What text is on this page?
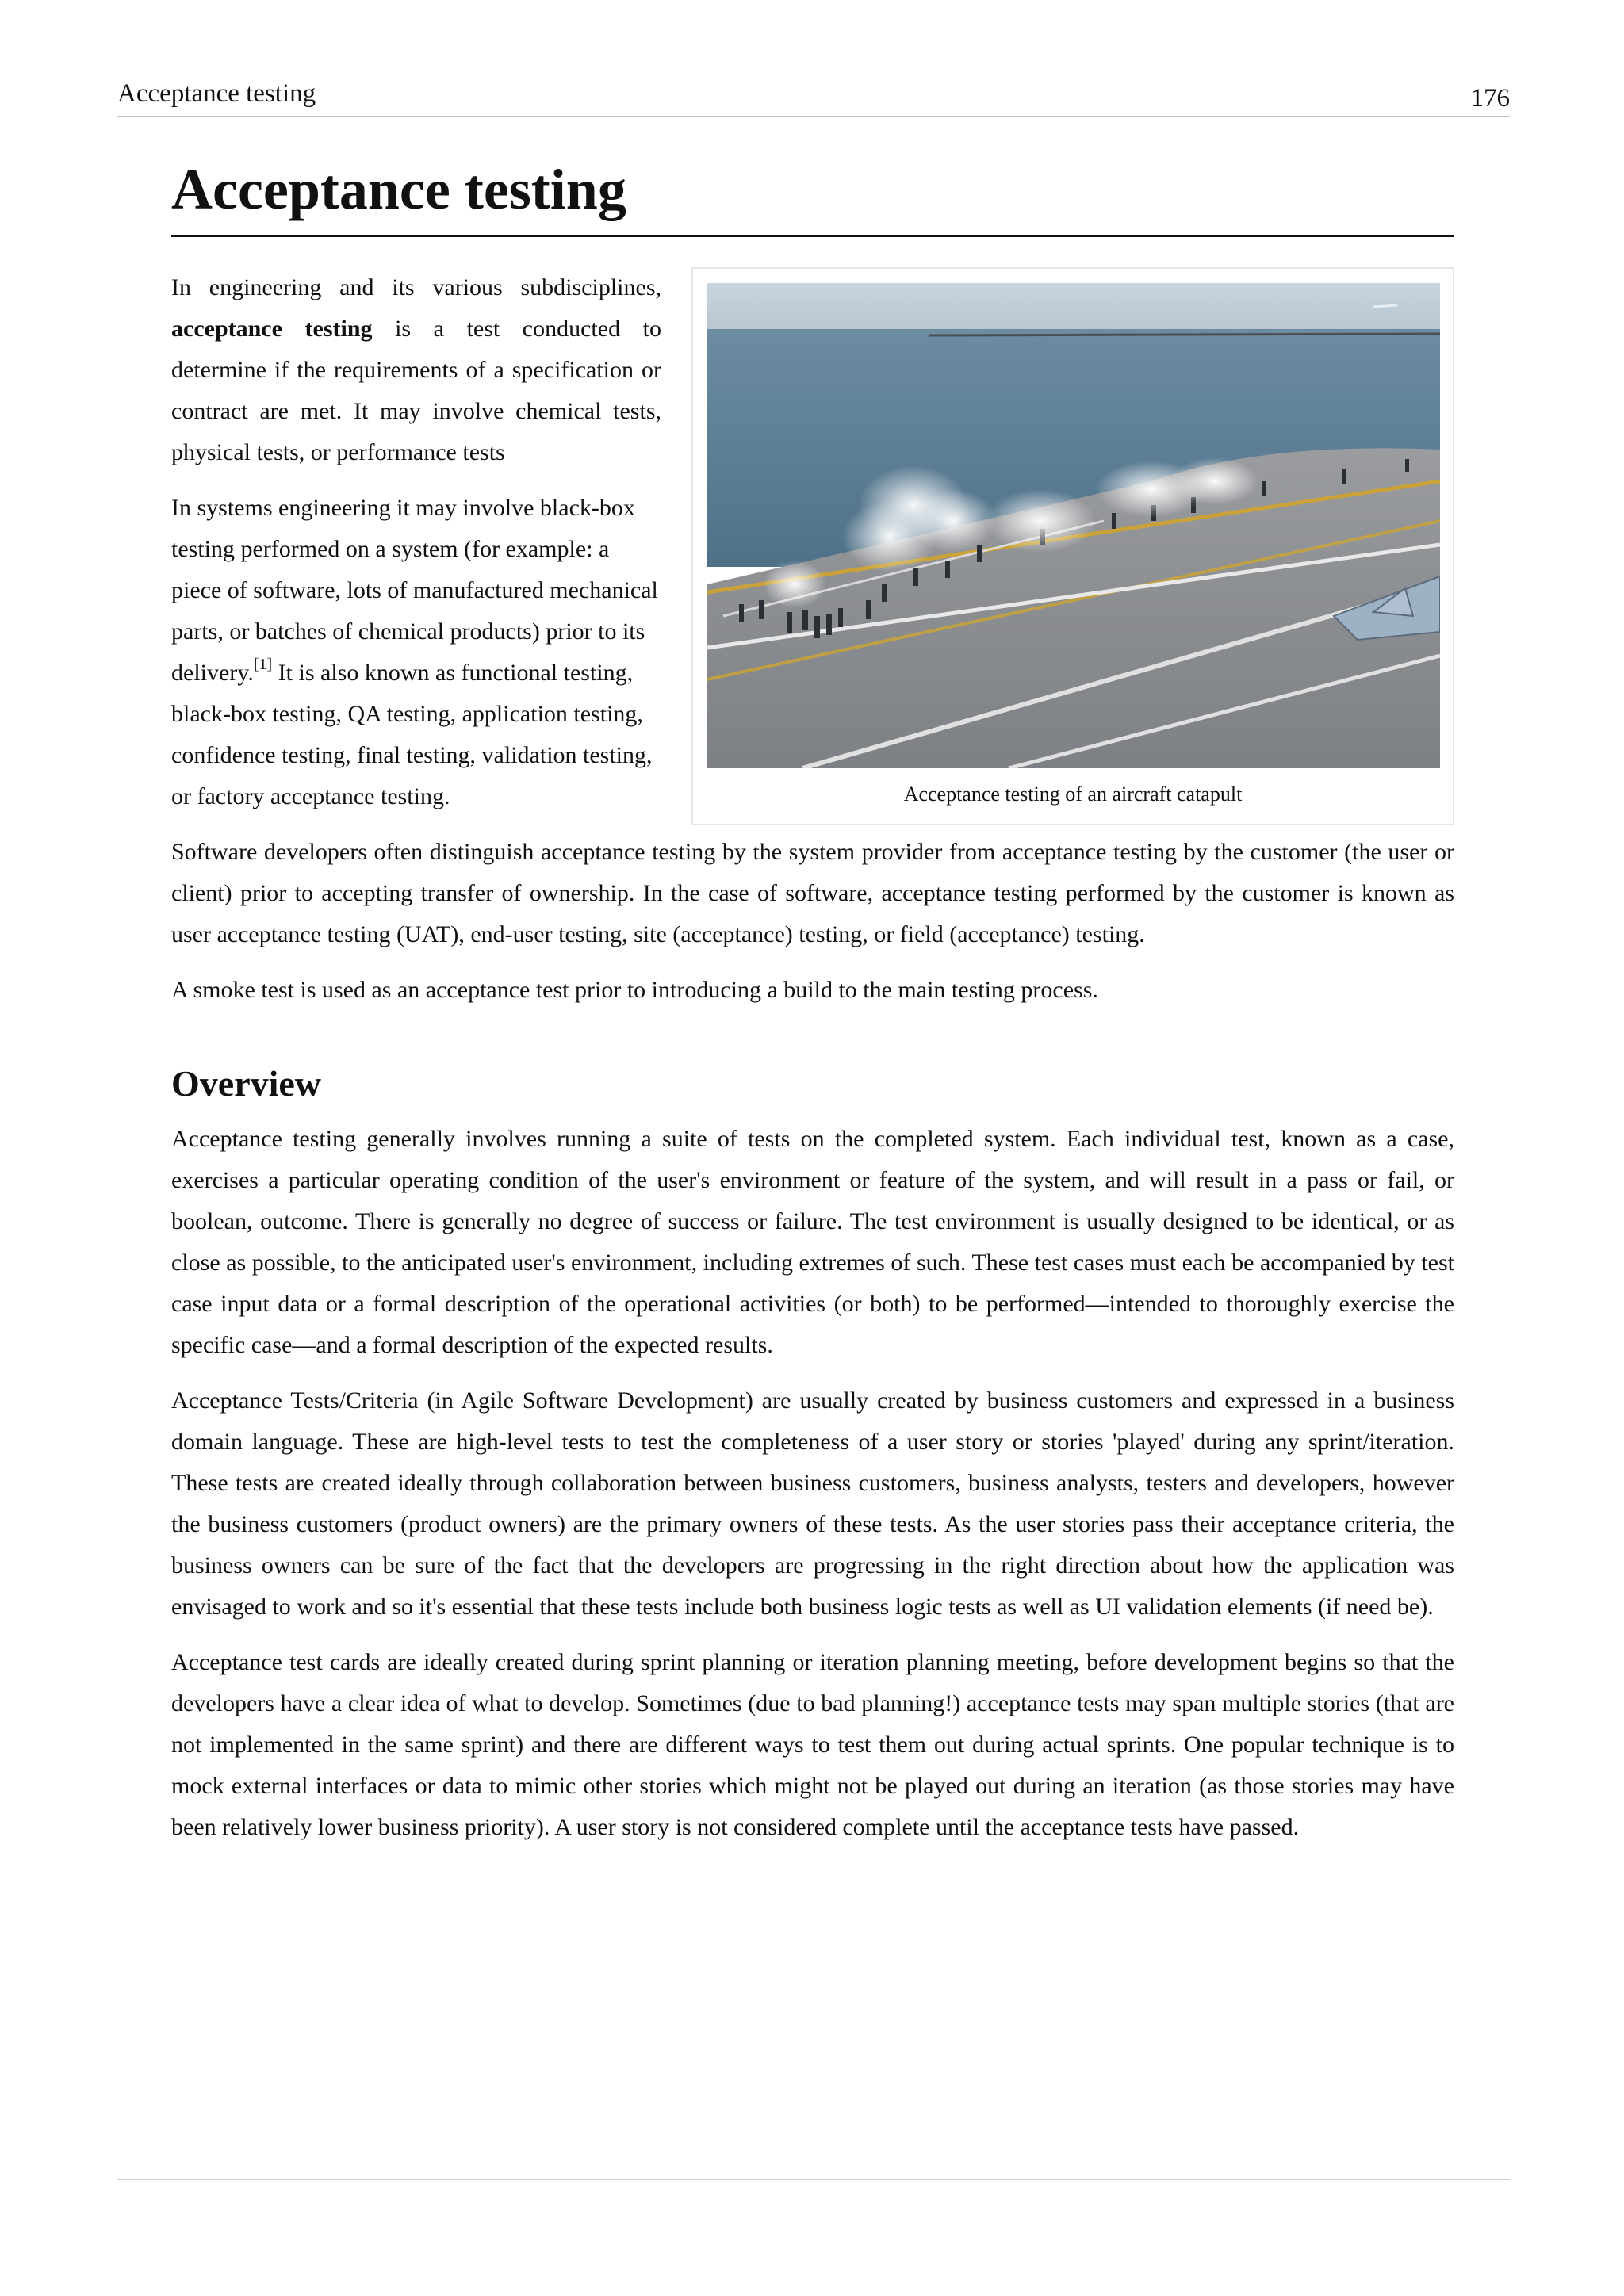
Acceptance testing	176
Acceptance testing
Acceptance testing of an aircraft catapult

In engineering and its various subdisciplines, acceptance testing is a test conducted to determine if the requirements of a specification or contract are met. It may involve chemical tests, physical tests, or performance tests

In systems engineering it may involve black-box testing performed on a system (for example: a piece of software, lots of manufactured mechanical parts, or batches of chemical products) prior to its delivery.[1] It is also known as functional testing, black-box testing, QA testing, application testing, confidence testing, final testing, validation testing, or factory acceptance testing.

Software developers often distinguish acceptance testing by the system provider from acceptance testing by the customer (the user or client) prior to accepting transfer of ownership. In the case of software, acceptance testing performed by the customer is known as user acceptance testing (UAT), end-user testing, site (acceptance) testing, or field (acceptance) testing.

A smoke test is used as an acceptance test prior to introducing a build to the main testing process.

Overview

Acceptance testing generally involves running a suite of tests on the completed system. Each individual test, known as a case, exercises a particular operating condition of the user's environment or feature of the system, and will result in a pass or fail, or boolean, outcome. There is generally no degree of success or failure. The test environment is usually designed to be identical, or as close as possible, to the anticipated user's environment, including extremes of such. These test cases must each be accompanied by test case input data or a formal description of the operational activities (or both) to be performed—intended to thoroughly exercise the specific case—and a formal description of the expected results.

Acceptance Tests/Criteria (in Agile Software Development) are usually created by business customers and expressed in a business domain language. These are high-level tests to test the completeness of a user story or stories 'played' during any sprint/iteration. These tests are created ideally through collaboration between business customers, business analysts, testers and developers, however the business customers (product owners) are the primary owners of these tests. As the user stories pass their acceptance criteria, the business owners can be sure of the fact that the developers are progressing in the right direction about how the application was envisaged to work and so it's essential that these tests include both business logic tests as well as UI validation elements (if need be).

Acceptance test cards are ideally created during sprint planning or iteration planning meeting, before development begins so that the developers have a clear idea of what to develop. Sometimes (due to bad planning!) acceptance tests may span multiple stories (that are not implemented in the same sprint) and there are different ways to test them out during actual sprints. One popular technique is to mock external interfaces or data to mimic other stories which might not be played out during an iteration (as those stories may have been relatively lower business priority). A user story is not considered complete until the acceptance tests have passed.
